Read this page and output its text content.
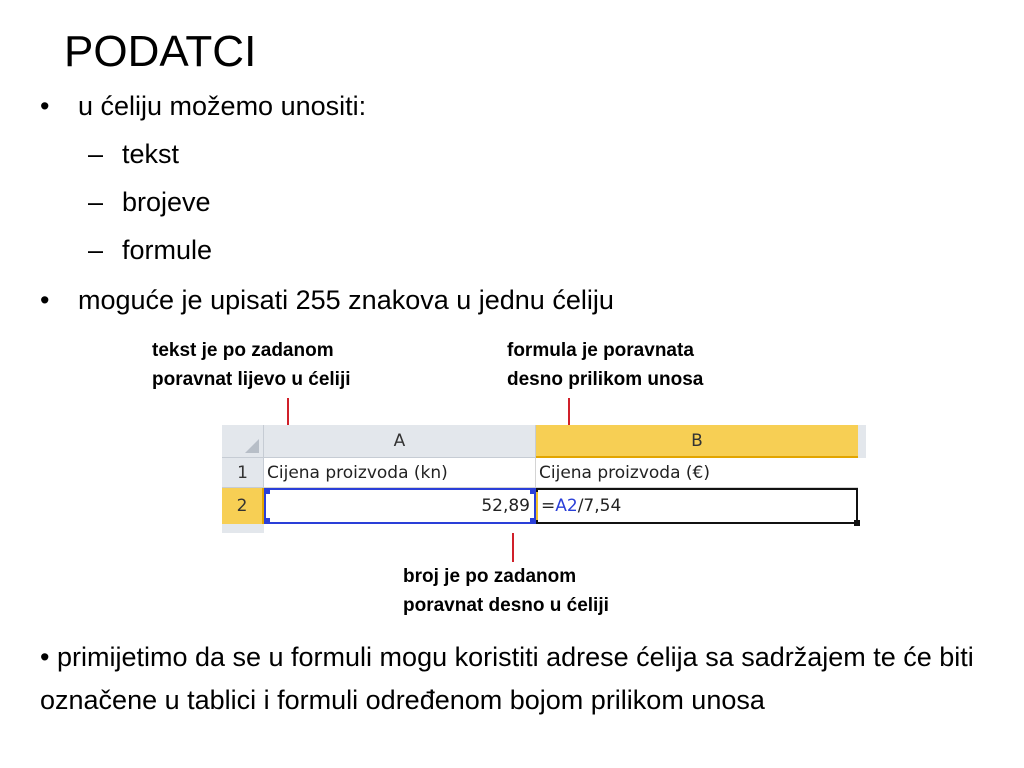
PODATCI
• u ćeliju možemo unositi:
– tekst
– brojeve
– formule
• moguće je upisati 255 znakova u jednu ćeliju
tekst je po zadanom
poravnat lijevo u ćeliji
formula je poravnata
desno prilikom unosa
A	B
1
2
Cijena proizvoda (kn)	Cijena proizvoda (€)
52,89 =A2/7,54
broj je po zadanom
poravnat desno u ćeliji

• primijetimo da se u formuli mogu koristiti adrese ćelija sa sadržajem te će biti označene u tablici i formuli određenom bojom prilikom unosa
